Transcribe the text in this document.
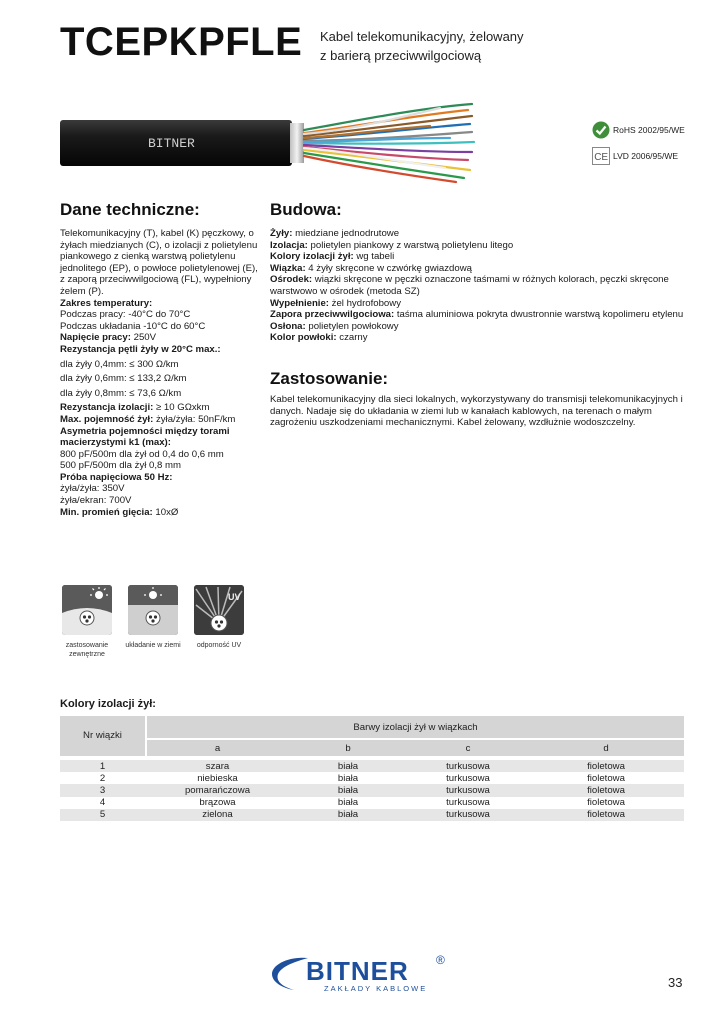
TCEPKPFLE Kabel telekomunikacyjny, żelowany
z barierą przeciwwilgociową
BITNER
RoHS 2002/95/WE
CE LVD 2006/95/WE
Dane techniczne:	Budowa:
Telekomunikacyjny (T), kabel (K) pęczkowy, o żyłach miedzianych (C), o izolacji z polietylenu piankowego z cienką warstwą polietylenu jednolitego (EP), o powłoce polietylenowej (E), z zaporą przeciwwilgociową (FL), wypełniony żelem (P).
Zakres temperatury:
Podczas pracy: -40°C do 70°C
Podczas układania -10°C do 60°C
Napięcie pracy: 250V
Rezystancja pętli żyły w 20°C max.:
dla żyły 0,4mm: ≤ 300 Ω/km
dla żyły 0,6mm: ≤ 133,2 Ω/km
dla żyły 0,8mm: ≤ 73,6 Ω/km
Rezystancja izolacji: ≥ 10 GΩxkm
Max. pojemność żył: żyła/żyła: 50nF/km
Asymetria pojemności między torami macierzystymi k1 (max):
800 pF/500m dla żył od 0,4 do 0,6 mm
500 pF/500m dla żył 0,8 mm
Próba napięciowa 50 Hz:
żyła/żyła: 350V
żyła/ekran: 700V
Min. promień gięcia: 10xØ
Żyły: miedziane jednodrutowe
Izolacja: polietylen piankowy z warstwą polietylenu litego
Kolory izolacji żył: wg tabeli
Wiązka: 4 żyły skręcone w czwórkę gwiazdową
Ośrodek: wiązki skręcone w pęczki oznaczone taśmami w różnych kolorach, pęczki skręcone warstwowo w ośrodek (metoda SZ)
Wypełnienie: żel hydrofobowy
Zapora przeciwwilgociowa: taśma aluminiowa pokryta dwustronnie warstwą kopolimeru etylenu
Osłona: polietylen powłokowy
Kolor powłoki: czarny
Zastosowanie:
Kabel telekomunikacyjny dla sieci lokalnych, wykorzystywany do transmisji telekomunikacyjnych i danych. Nadaje się do układania w ziemi lub w kanałach kablowych, na terenach o małym zagrożeniu uszkodzeniami mechanicznymi. Kabel żelowany, wzdłużnie wodoszczelny.
zastosowanie
zewnętrzne
układanie w ziemi
UV
odporność UV
Kolory izolacji żył:
Nr wiązki		Barwy izolacji żył w wiązkach			
		a	b	c	d

1		szara	biała	turkusowa	fioletowa
2		niebieska	biała	turkusowa	fioletowa
3		pomarańczowa	biała	turkusowa	fioletowa
4		brązowa	biała	turkusowa	fioletowa
5		zielona	biała	turkusowa	fioletowa
BITNER ®
ZAKŁADY KABLOWE	33
